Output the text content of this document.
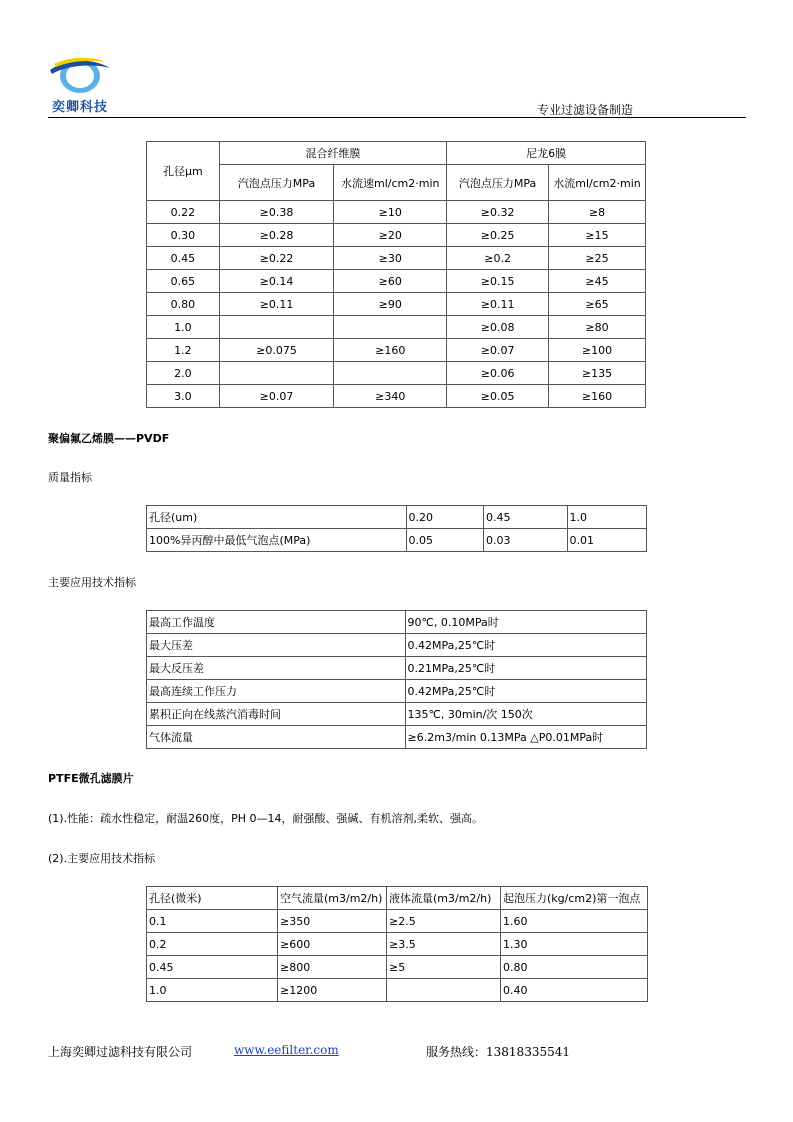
奕卿科技	专业过滤设备制造
孔径μm	混合纤维膜		尼龙6膜	
	汽泡点压力MPa	水流速ml/cm2·min	汽泡点压力MPa	水流ml/cm2·min
0.22	≥0.38	≥10	≥0.32	≥8
0.30	≥0.28	≥20	≥0.25	≥15
0.45	≥0.22	≥30	≥0.2	≥25
0.65	≥0.14	≥60	≥0.15	≥45
0.80	≥0.11	≥90	≥0.11	≥65
1.0			≥0.08	≥80
1.2	≥0.075	≥160	≥0.07	≥100
2.0			≥0.06	≥135
3.0	≥0.07	≥340	≥0.05	≥160
聚偏氟乙烯膜——PVDF
质量指标
孔径(um)	0.20	0.45	1.0
100%异丙醇中最低气泡点(MPa)	0.05	0.03	0.01
主要应用技术指标
最高工作温度	90℃, 0.10MPa时
最大压差	0.42MPa,25℃时
最大反压差	0.21MPa,25℃时
最高连续工作压力	0.42MPa,25℃时
累积正向在线蒸汽消毒时间	135℃, 30min/次 150次
气体流量	≥6.2m3/min 0.13MPa △P0.01MPa时
PTFE微孔滤膜片
(1).性能：疏水性稳定，耐温260度，PH 0—14，耐强酸、强碱、有机溶剂,柔软、强高。
(2).主要应用技术指标
孔径(微米)	空气流量(m3/m2/h)	液体流量(m3/m2/h)	起泡压力(kg/cm2)第一泡点
0.1	≥350	≥2.5	1.60
0.2	≥600	≥3.5	1.30
0.45	≥800	≥5	0.80
1.0	≥1200		0.40
上海奕卿过滤科技有限公司	www.eefilter.com	服务热线：13818335541
